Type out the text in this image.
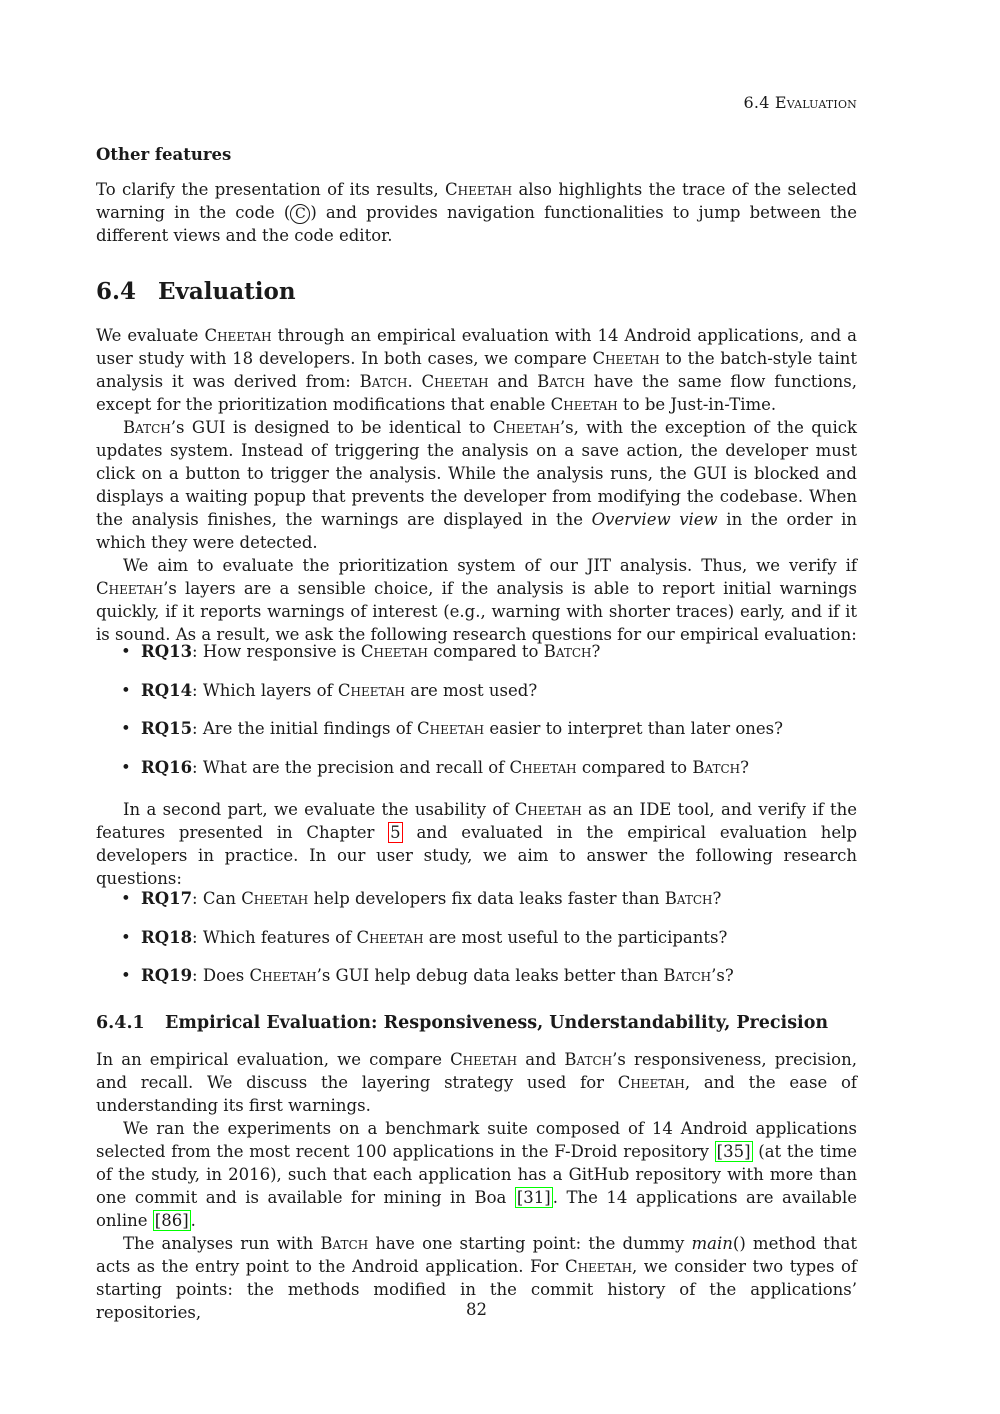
6.4 Evaluation

Other features

To clarify the presentation of its results, Cheetah also highlights the trace of the selected warning in the code ( C ) and provides navigation functionalities to jump between the different views and the code editor.

6.4 Evaluation

We evaluate Cheetah through an empirical evaluation with 14 Android applications, and a user study with 18 developers. In both cases, we compare Cheetah to the batch-style taint analysis it was derived from: Batch. Cheetah and Batch have the same flow functions, except for the prioritization modifications that enable Cheetah to be Just-in-Time.

Batch’s GUI is designed to be identical to Cheetah’s, with the exception of the quick updates system. Instead of triggering the analysis on a save action, the developer must click on a button to trigger the analysis. While the analysis runs, the GUI is blocked and displays a waiting popup that prevents the developer from modifying the codebase. When the analysis finishes, the warnings are displayed in the Overview view in the order in which they were detected.

We aim to evaluate the prioritization system of our JIT analysis. Thus, we verify if Cheetah’s layers are a sensible choice, if the analysis is able to report initial warnings quickly, if it reports warnings of interest (e.g., warning with shorter traces) early, and if it is sound. As a result, we ask the following research questions for our empirical evaluation:

• RQ13: How responsive is Cheetah compared to Batch?
• RQ14: Which layers of Cheetah are most used?
• RQ15: Are the initial findings of Cheetah easier to interpret than later ones?
• RQ16: What are the precision and recall of Cheetah compared to Batch?

In a second part, we evaluate the usability of Cheetah as an IDE tool, and verify if the features presented in Chapter 5 and evaluated in the empirical evaluation help developers in practice. In our user study, we aim to answer the following research questions:

• RQ17: Can Cheetah help developers fix data leaks faster than Batch?
• RQ18: Which features of Cheetah are most useful to the participants?
• RQ19: Does Cheetah’s GUI help debug data leaks better than Batch’s?
6.4.1 Empirical Evaluation: Responsiveness, Understandability, Precision

In an empirical evaluation, we compare Cheetah and Batch’s responsiveness, precision, and recall. We discuss the layering strategy used for Cheetah, and the ease of understanding its first warnings.

We ran the experiments on a benchmark suite composed of 14 Android applications selected from the most recent 100 applications in the F-Droid repository [35] (at the time of the study, in 2016), such that each application has a GitHub repository with more than one commit and is available for mining in Boa [31] . The 14 applications are available online [86] .

The analyses run with Batch have one starting point: the dummy main() method that acts as the entry point to the Android application. For Cheetah, we consider two types of starting points: the methods modified in the commit history of the applications’ repositories,	82
